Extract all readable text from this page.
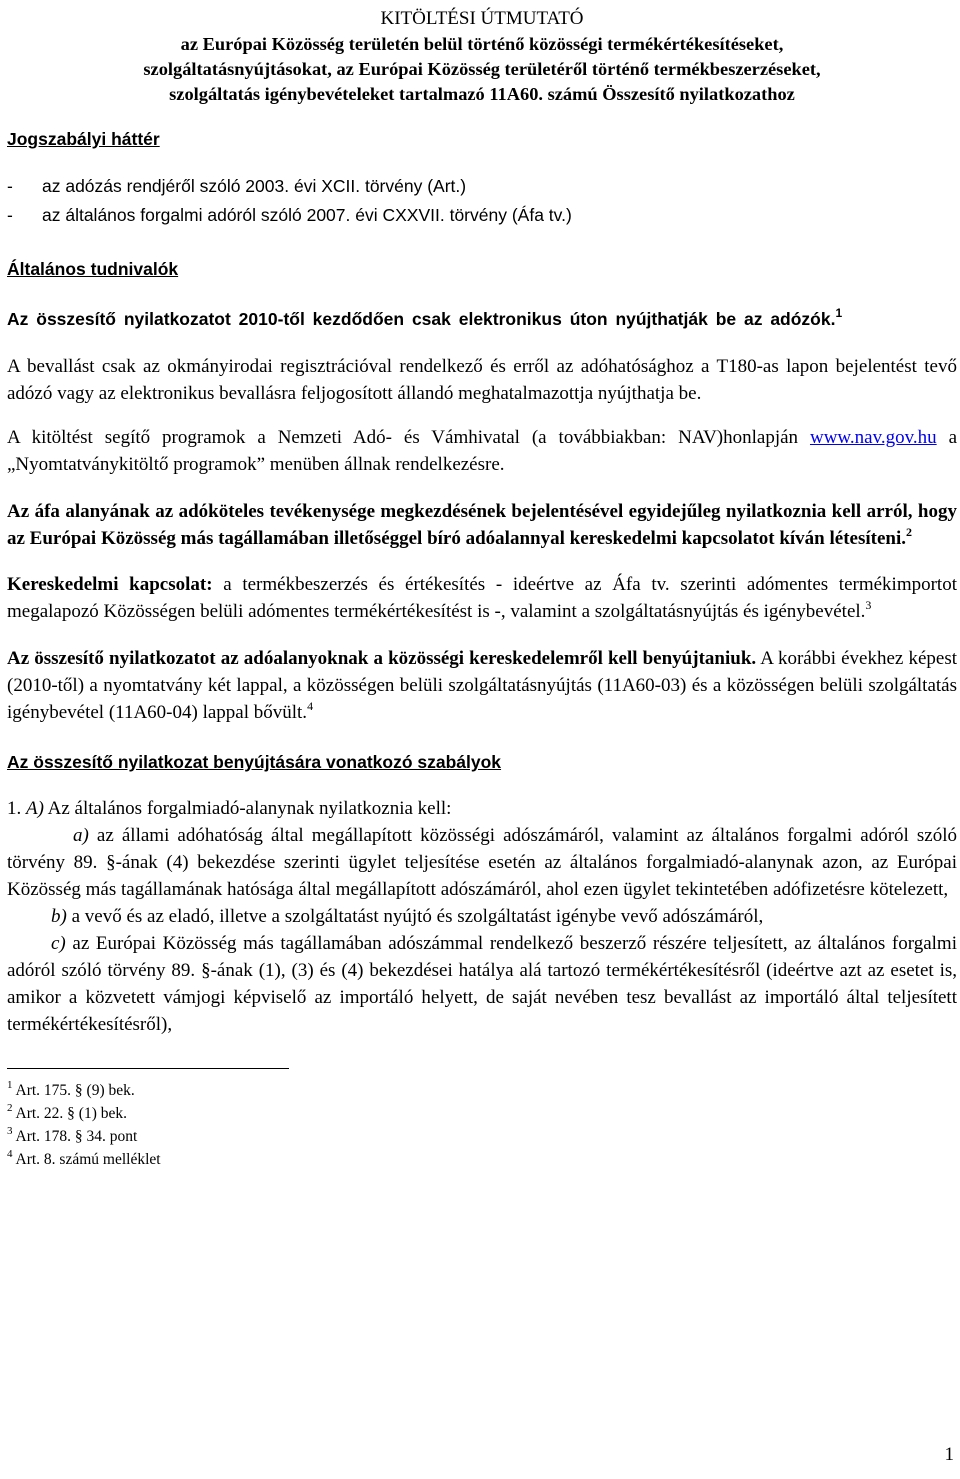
KITÖLTÉSI ÚTMUTATÓ
az Európai Közösség területén belül történő közösségi termékértékesítéseket,
szolgáltatásnyújtásokat, az Európai Közösség területéről történő termékbeszerzéseket,
szolgáltatás igénybevételeket tartalmazó 11A60. számú Összesítő nyilatkozathoz
Jogszabályi háttér
- az adózás rendjéről szóló 2003. évi XCII. törvény (Art.)
- az általános forgalmi adóról szóló 2007. évi CXXVII. törvény (Áfa tv.)
Általános tudnivalók

Az összesítő nyilatkozatot 2010-től kezdődően csak elektronikus úton nyújthatják be az adózók.$^1$

A bevallást csak az okmányirodai regisztrációval rendelkező és erről az adóhatósághoz a T180-as lapon bejelentést tevő adózó vagy az elektronikus bevallásra feljogosított állandó meghatalmazottja nyújthatja be.

A kitöltést segítő programok a Nemzeti Adó- és Vámhivatal (a továbbiakban: NAV)honlapján www.nav.gov.hu a „Nyomtatványkitöltő programok” menüben állnak rendelkezésre.

Az áfa alanyának az adóköteles tevékenysége megkezdésének bejelentésével egyidejűleg nyilatkoznia kell arról, hogy az Európai Közösség más tagállamában illetőséggel bíró adóalannyal kereskedelmi kapcsolatot kíván létesíteni.$^2$

Kereskedelmi kapcsolat: a termékbeszerzés és értékesítés - ideértve az Áfa tv. szerinti adómentes termékimportot megalapozó Közösségen belüli adómentes termékértékesítést is -, valamint a szolgáltatásnyújtás és igénybevétel.$^3$

Az összesítő nyilatkozatot az adóalanyoknak a közösségi kereskedelemről kell benyújtaniuk. A korábbi évekhez képest (2010-től) a nyomtatvány két lappal, a közösségen belüli szolgáltatásnyújtás (11A60-03) és a közösségen belüli szolgáltatás igénybevétel (11A60-04) lappal bővült.$^4$

Az összesítő nyilatkozat benyújtására vonatkozó szabályok

1. A) Az általános forgalmiadó-alanynak nyilatkoznia kell:

a) az állami adóhatóság által megállapított közösségi adószámáról, valamint az általános forgalmi adóról szóló törvény 89. §-ának (4) bekezdése szerinti ügylet teljesítése esetén az általános forgalmiadó-alanynak azon, az Európai Közösség más tagállamának hatósága által megállapított adószámáról, ahol ezen ügylet tekintetében adófizetésre kötelezett,

b) a vevő és az eladó, illetve a szolgáltatást nyújtó és szolgáltatást igénybe vevő adószámáról,

c) az Európai Közösség más tagállamában adószámmal rendelkező beszerző részére teljesített, az általános forgalmi adóról szóló törvény 89. §-ának (1), (3) és (4) bekezdései hatálya alá tartozó termékértékesítésről (ideértve azt az esetet is, amikor a közvetett vámjogi képviselő az importáló helyett, de saját nevében tesz bevallást az importáló által teljesített termékértékesítésről),

$^1$ Art. 175. § (9) bek.
$^2$ Art. 22. § (1) bek.
$^3$ Art. 178. § 34. pont
$^4$ Art. 8. számú melléklet
1
